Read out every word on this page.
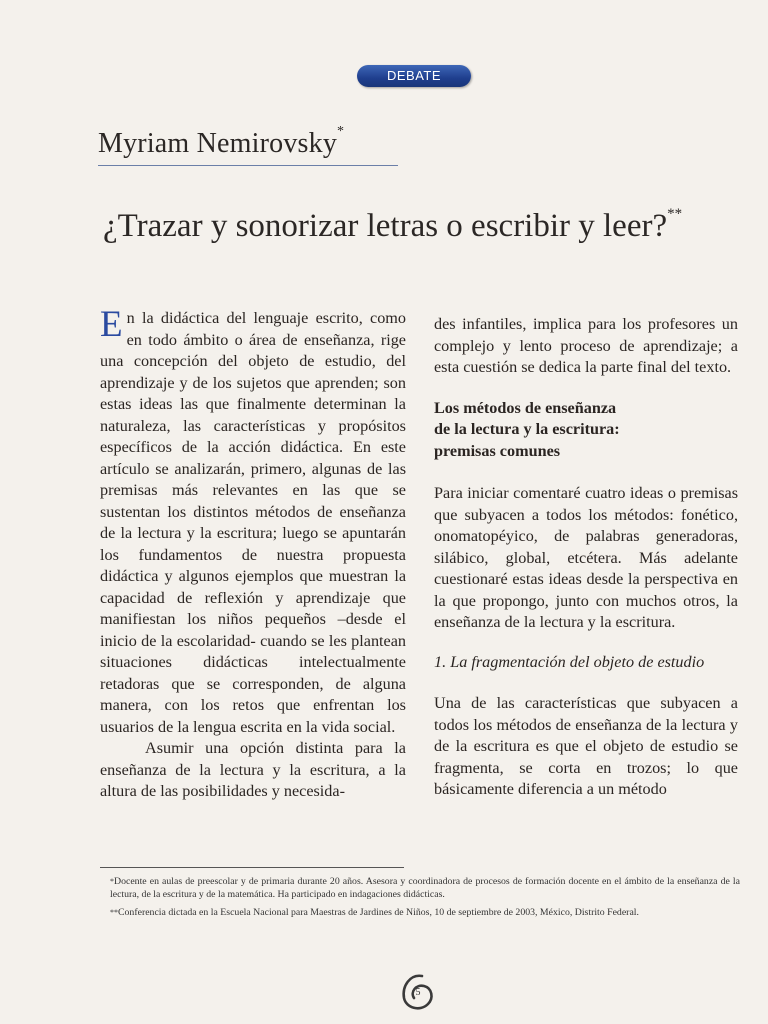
DEBATE
Myriam Nemirovsky*
¿Trazar y sonorizar letras o escribir y leer?**

En la didáctica del lenguaje escrito, como en todo ámbito o área de enseñanza, rige una concepción del objeto de estudio, del aprendizaje y de los sujetos que aprenden; son estas ideas las que finalmente determinan la naturaleza, las características y propósitos específicos de la acción didáctica. En este artículo se analizarán, primero, algunas de las premisas más relevantes en las que se sustentan los distintos métodos de enseñanza de la lectura y la escritura; luego se apuntarán los fundamentos de nuestra propuesta didáctica y algunos ejemplos que muestran la capacidad de reflexión y aprendizaje que manifiestan los niños pequeños –desde el inicio de la escolaridad- cuando se les plantean situaciones didácticas intelectualmente retadoras que se corresponden, de alguna manera, con los retos que enfrentan los usuarios de la lengua escrita en la vida social.

Asumir una opción distinta para la enseñanza de la lectura y la escritura, a la altura de las posibilidades y necesida-

des infantiles, implica para los profesores un complejo y lento proceso de aprendizaje; a esta cuestión se dedica la parte final del texto.

Los métodos de enseñanza
de la lectura y la escritura:
premisas comunes

Para iniciar comentaré cuatro ideas o premisas que subyacen a todos los métodos: fonético, onomatopéyico, de palabras generadoras, silábico, global, etcétera. Más adelante cuestionaré estas ideas desde la perspectiva en la que propongo, junto con muchos otros, la enseñanza de la lectura y la escritura.

1. La fragmentación del objeto de estudio

Una de las características que subyacen a todos los métodos de enseñanza de la lectura y de la escritura es que el objeto de estudio se fragmenta, se corta en trozos; lo que básicamente diferencia a un método

*Docente en aulas de preescolar y de primaria durante 20 años. Asesora y coordinadora de procesos de formación docente en el ámbito de la enseñanza de la lectura, de la escritura y de la matemática. Ha participado en indagaciones didácticas.

**Conferencia dictada en la Escuela Nacional para Maestras de Jardines de Niños, 10 de septiembre de 2003, México, Distrito Federal.

5
